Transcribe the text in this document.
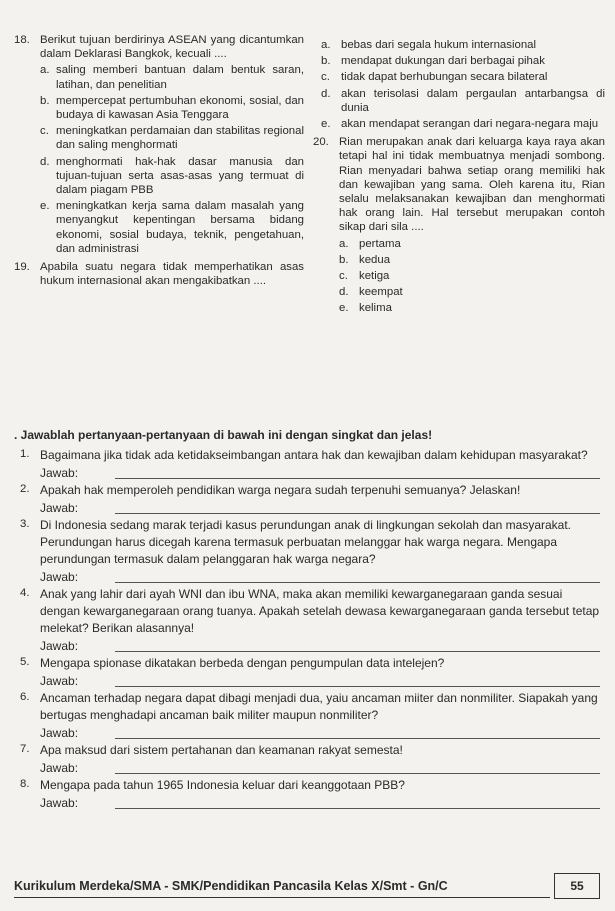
18. Berikut tujuan berdirinya ASEAN yang dicantumkan dalam Deklarasi Bangkok, kecuali ....

a. saling memberi bantuan dalam bentuk saran, latihan, dan penelitian
b. mempercepat pertumbuhan ekonomi, sosial, dan budaya di kawasan Asia Tenggara
c. meningkatkan perdamaian dan stabilitas regional dan saling menghormati
d. menghormati hak-hak dasar manusia dan tujuan-tujuan serta asas-asas yang termuat di dalam piagam PBB
e. meningkatkan kerja sama dalam masalah yang menyangkut kepentingan bersama bidang ekonomi, sosial budaya, teknik, pengetahuan, dan administrasi
19. Apabila suatu negara tidak memperhatikan asas hukum internasional akan mengakibatkan ....

a. bebas dari segala hukum internasional
b. mendapat dukungan dari berbagai pihak
c. tidak dapat berhubungan secara bilateral
d. akan terisolasi dalam pergaulan antarbangsa di dunia
e. akan mendapat serangan dari negara-negara maju
20. Rian merupakan anak dari keluarga kaya raya akan tetapi hal ini tidak membuatnya menjadi sombong. Rian menyadari bahwa setiap orang memiliki hak dan kewajiban yang sama. Oleh karena itu, Rian selalu melaksanakan kewajiban dan menghormati hak orang lain. Hal tersebut merupakan contoh sikap dari sila ....

a. pertama
b. kedua
c. ketiga
d. keempat
e. kelima
. Jawablah pertanyaan-pertanyaan di bawah ini dengan singkat dan jelas!
1. Bagaimana jika tidak ada ketidakseimbangan antara hak dan kewajiban dalam kehidupan masyarakat?

Jawab:
2. Apakah hak memperoleh pendidikan warga negara sudah terpenuhi semuanya? Jelaskan!

Jawab:
3. Di Indonesia sedang marak terjadi kasus perundungan anak di lingkungan sekolah dan masyarakat. Perundungan harus dicegah karena termasuk perbuatan melanggar hak warga negara. Mengapa perundungan termasuk dalam pelanggaran hak warga negara?

Jawab:
4. Anak yang lahir dari ayah WNI dan ibu WNA, maka akan memiliki kewarganegaraan ganda sesuai dengan kewarganegaraan orang tuanya. Apakah setelah dewasa kewarganegaraan ganda tersebut tetap melekat? Berikan alasannya!

Jawab:
5. Mengapa spionase dikatakan berbeda dengan pengumpulan data intelejen?

Jawab:
6. Ancaman terhadap negara dapat dibagi menjadi dua, yaiu ancaman miiter dan nonmiliter. Siapakah yang bertugas menghadapi ancaman baik militer maupun nonmiliter?

Jawab:
7. Apa maksud dari sistem pertahanan dan keamanan rakyat semesta!

Jawab:
8. Mengapa pada tahun 1965 Indonesia keluar dari keanggotaan PBB?

Jawab:
Kurikulum Merdeka/SMA - SMK/Pendidikan Pancasila Kelas X/Smt - Gn/C	55
